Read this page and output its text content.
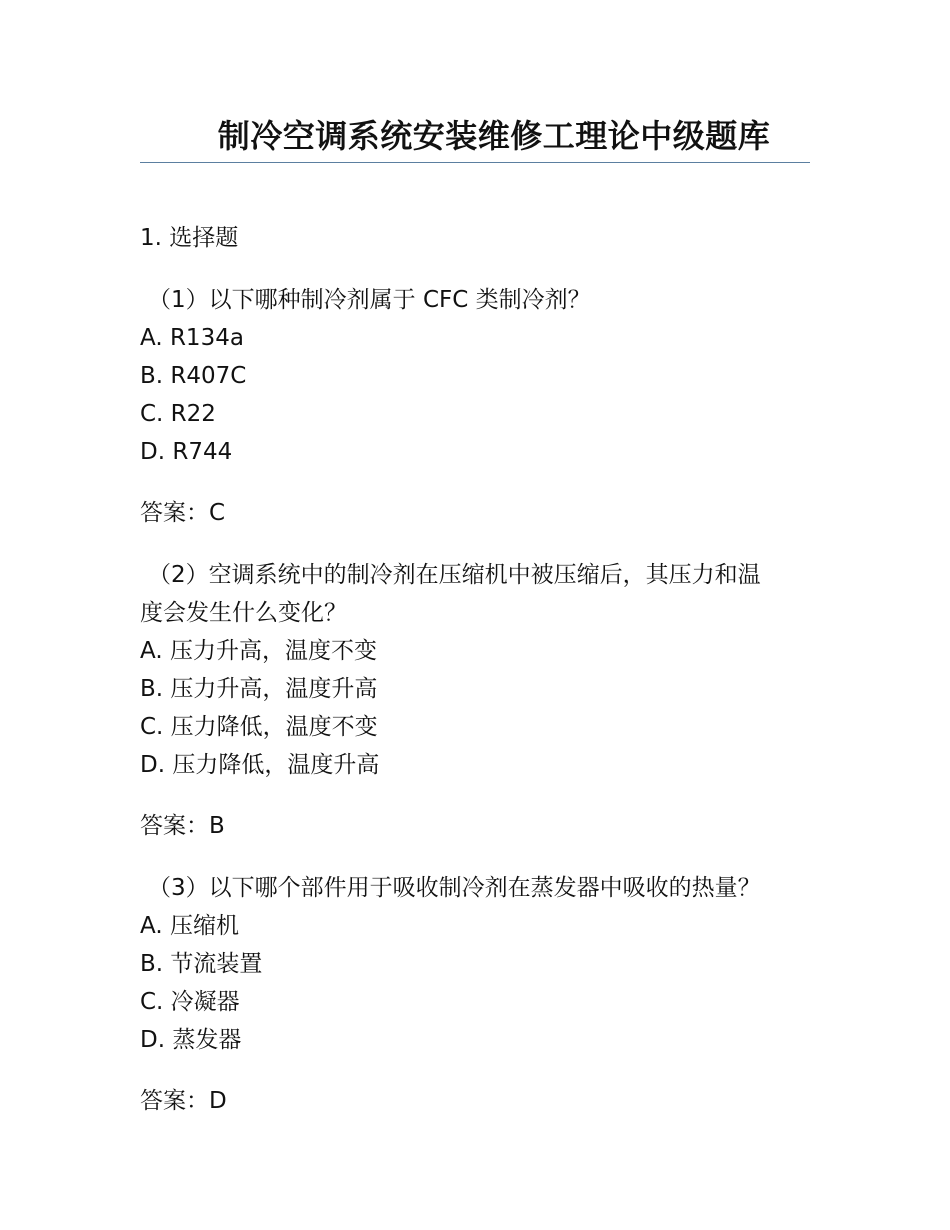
制冷空调系统安装维修工理论中级题库
1. 选择题
（1）以下哪种制冷剂属于 CFC 类制冷剂？
A. R134a
B. R407C
C. R22
D. R744
答案：C
（2）空调系统中的制冷剂在压缩机中被压缩后，其压力和温
度会发生什么变化？
A. 压力升高，温度不变
B. 压力升高，温度升高
C. 压力降低，温度不变
D. 压力降低，温度升高
答案：B
（3）以下哪个部件用于吸收制冷剂在蒸发器中吸收的热量？
A. 压缩机
B. 节流装置
C. 冷凝器
D. 蒸发器
答案：D
